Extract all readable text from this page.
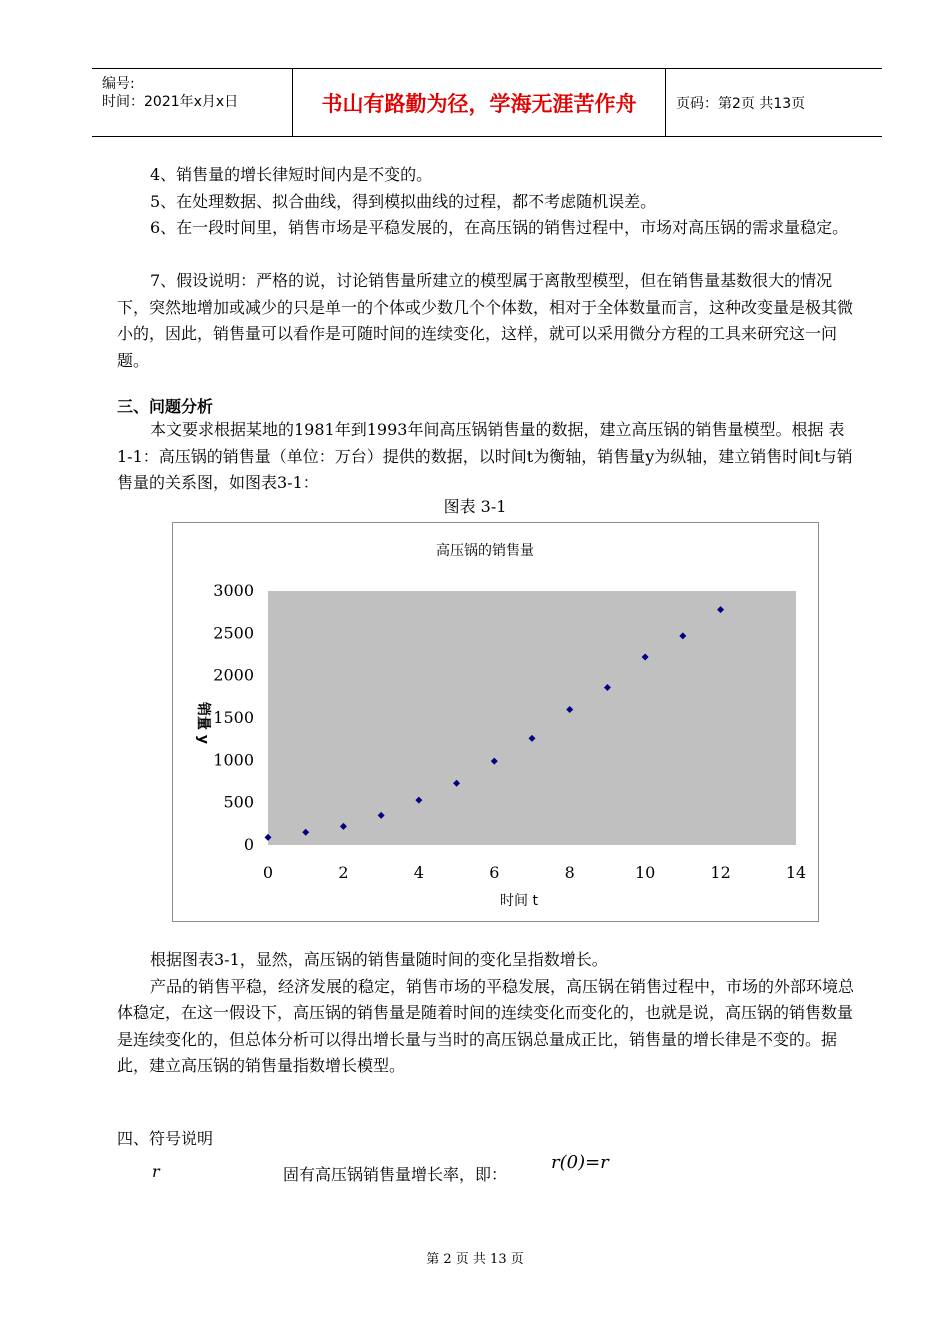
编号:
时间：2021年x月x日	书山有路勤为径，学海无涯苦作舟	页码：第2页 共13页
4、销售量的增长律短时间内是不变的。
5、在处理数据、拟合曲线，得到模拟曲线的过程，都不考虑随机误差。
6、在一段时间里，销售市场是平稳发展的，在高压锅的销售过程中，市场对高压锅的需求量稳定。
7、假设说明：严格的说，讨论销售量所建立的模型属于离散型模型，但在销售量基数很大的情况下，突然地增加或减少的只是单一的个体或少数几个个体数，相对于全体数量而言，这种改变量是极其微小的，因此，销售量可以看作是可随时间的连续变化，这样，就可以采用微分方程的工具来研究这一问题。
三、问题分析
本文要求根据某地的1981年到1993年间高压锅销售量的数据，建立高压锅的销售量模型。根据 表1-1：高压锅的销售量（单位：万台）提供的数据，以时间t为衡轴，销售量y为纵轴，建立销售时间t与销售量的关系图，如图表3-1：
图表 3-1
高压锅的销售量
0
500
1000
1500
2000
2500
3000
0	2	4	6	8	10	12	14
时间 t
销量 y
根据图表3-1，显然，高压锅的销售量随时间的变化呈指数增长。
产品的销售平稳，经济发展的稳定，销售市场的平稳发展，高压锅在销售过程中，市场的外部环境总体稳定，在这一假设下，高压锅的销售量是随着时间的连续变化而变化的，也就是说，高压锅的销售数量是连续变化的，但总体分析可以得出增长量与当时的高压锅总量成正比，销售量的增长律是不变的。据此，建立高压锅的销售量指数增长模型。
四、符号说明
r	固有高压锅销售量增长率，即：
r(0)=r
第 2 页 共 13 页
